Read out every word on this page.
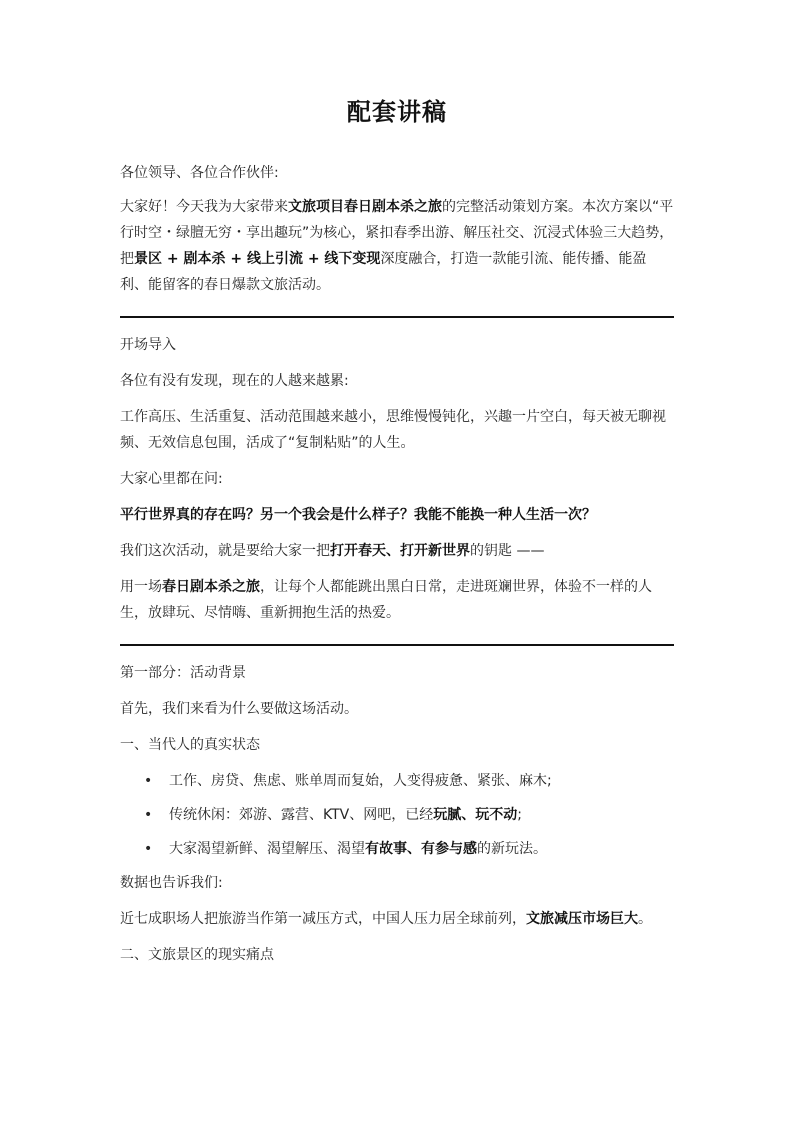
配套讲稿

各位领导、各位合作伙伴:

大家好！今天我为大家带来文旅项目春日剧本杀之旅的完整活动策划方案。本次方案以“平行时空・绿膻无穷・享出趣玩”为核心，紧扣春季出游、解压社交、沉浸式体验三大趋势，把景区 + 剧本杀 + 线上引流 + 线下变现深度融合，打造一款能引流、能传播、能盈利、能留客的春日爆款文旅活动。

开场导入

各位有没有发现，现在的人越来越累:

工作高压、生活重复、活动范围越来越小，思维慢慢钝化，兴趣一片空白，每天被无聊视频、无效信息包围，活成了“复制粘贴”的人生。

大家心里都在问:

平行世界真的存在吗？另一个我会是什么样子？我能不能换一种人生活一次？

我们这次活动，就是要给大家一把打开春天、打开新世界的钥匙 ——

用一场春日剧本杀之旅，让每个人都能跳出黑白日常，走进斑斓世界，体验不一样的人生，放肆玩、尽情嗨、重新拥抱生活的热爱。

第一部分：活动背景

首先，我们来看为什么要做这场活动。

一、当代人的真实状态

• 工作、房贷、焦虑、账单周而复始，人变得疲惫、紧张、麻木;
• 传统休闲：郊游、露营、KTV、网吧，已经玩腻、玩不动;
• 大家渴望新鲜、渴望解压、渴望有故事、有参与感的新玩法。

数据也告诉我们:

近七成职场人把旅游当作第一减压方式，中国人压力居全球前列，文旅减压市场巨大。

二、文旅景区的现实痛点
